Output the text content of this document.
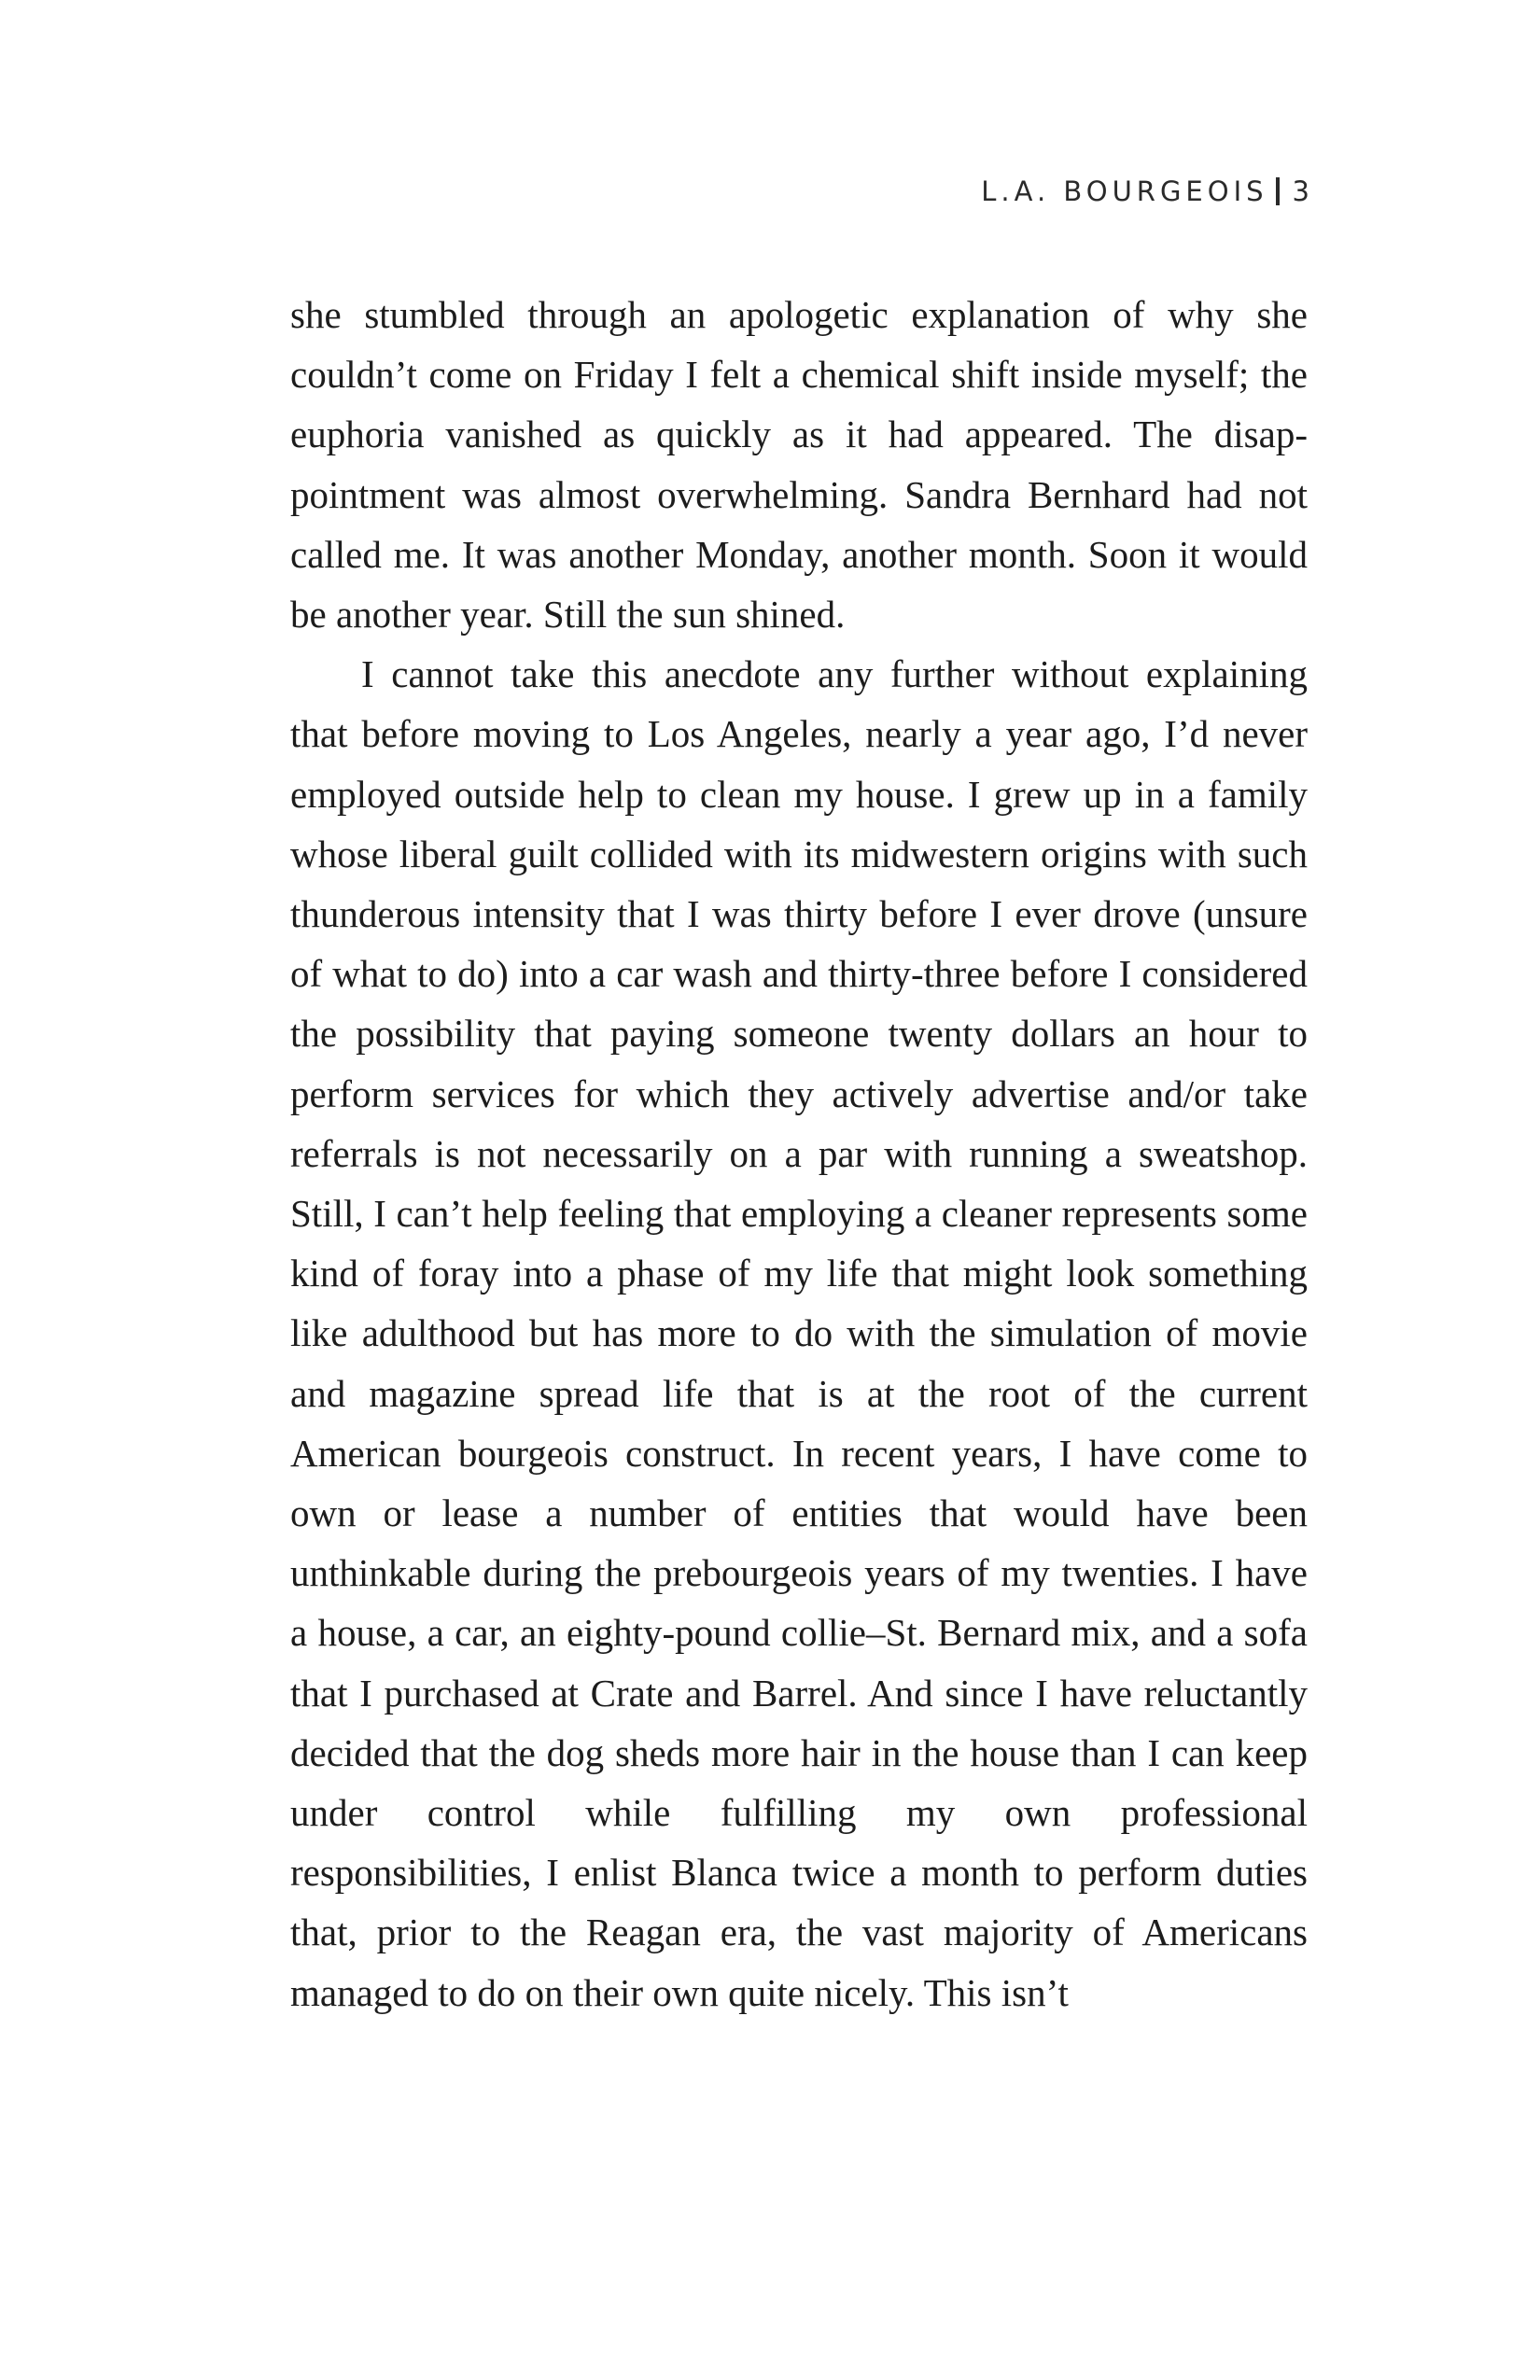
L.A. BOURGEOIS 3

she stumbled through an apologetic explanation of why she couldn’t come on Friday I felt a chemical shift inside myself; the euphoria vanished as quickly as it had appeared. The disappointment was almost overwhelming. Sandra Bernhard had not called me. It was another Monday, another month. Soon it would be another year. Still the sun shined.

I cannot take this anecdote any further without explaining that before moving to Los Angeles, nearly a year ago, I’d never employed outside help to clean my house. I grew up in a family whose liberal guilt collided with its midwestern origins with such thunderous intensity that I was thirty before I ever drove (unsure of what to do) into a car wash and thirty-three before I considered the possibility that paying someone twenty dollars an hour to perform services for which they actively advertise and/or take referrals is not necessarily on a par with running a sweatshop. Still, I can’t help feeling that employing a cleaner represents some kind of foray into a phase of my life that might look something like adulthood but has more to do with the simulation of movie and magazine spread life that is at the root of the current American bourgeois construct. In recent years, I have come to own or lease a number of entities that would have been unthinkable during the prebourgeois years of my twenties. I have a house, a car, an eighty-pound collie–St. Bernard mix, and a sofa that I purchased at Crate and Barrel. And since I have reluctantly decided that the dog sheds more hair in the house than I can keep under control while fulfilling my own professional responsibilities, I enlist Blanca twice a month to perform duties that, prior to the Reagan era, the vast majority of Americans managed to do on their own quite nicely. This isn’t
